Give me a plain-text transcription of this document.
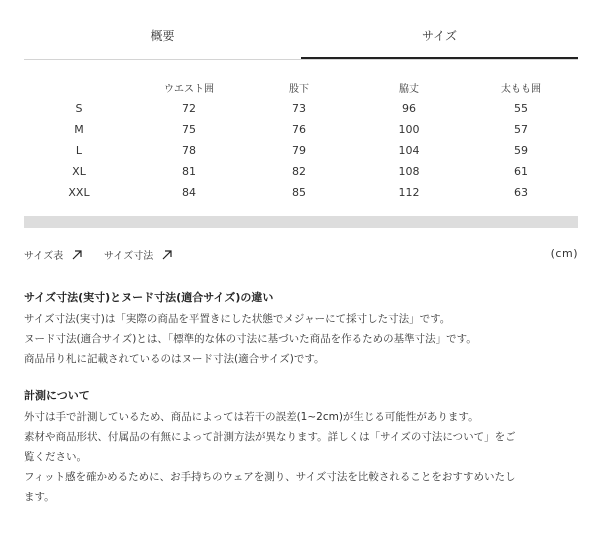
概要	サイズ
	ウエスト囲	股下	脇丈	太もも囲
S	72	73	96	55
M	75	76	100	57
L	78	79	104	59
XL	81	82	108	61
XXL	84	85	112	63
サイズ表	サイズ寸法	(cm)
サイズ寸法(実寸)とヌード寸法(適合サイズ)の違い

サイズ寸法(実寸)は「実際の商品を平置きにした状態でメジャーにて採寸した寸法」です。

ヌード寸法(適合サイズ)とは、「標準的な体の寸法に基づいた商品を作るための基準寸法」です。

商品吊り札に記載されているのはヌード寸法(適合サイズ)です。

計測について

外寸は手で計測しているため、商品によっては若干の誤差(1~2cm)が生じる可能性があります。

素材や商品形状、付属品の有無によって計測方法が異なります。詳しくは「サイズの寸法について」をご

覧ください。

フィット感を確かめるために、お手持ちのウェアを測り、サイズ寸法を比較されることをおすすめいたし

ます。
